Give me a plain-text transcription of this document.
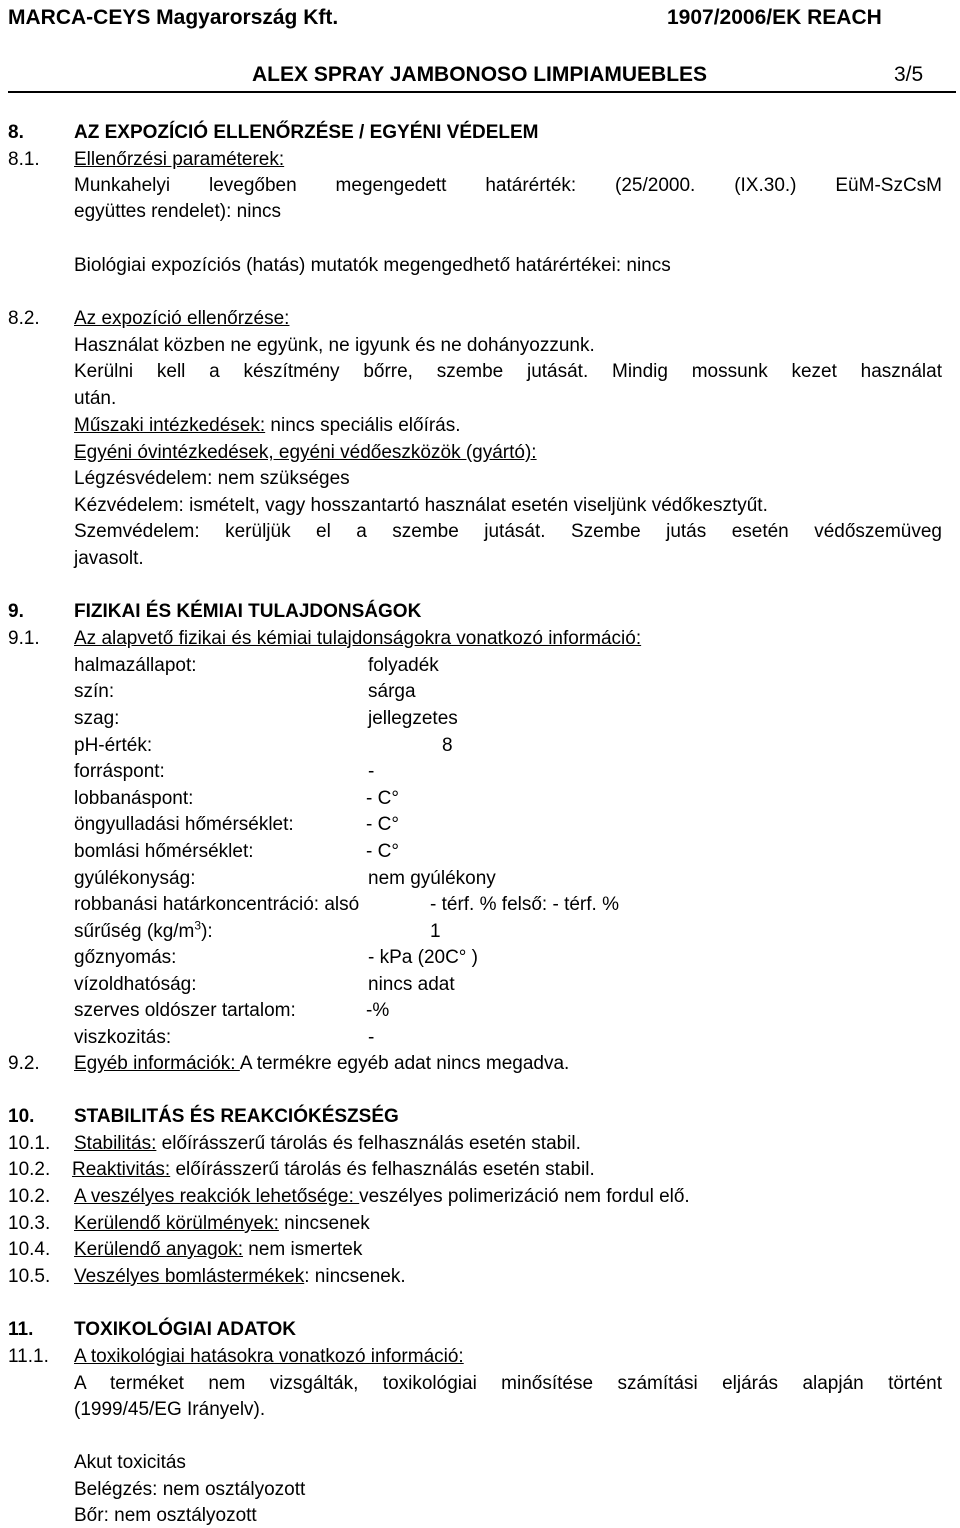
MARCA-CEYS Magyarország Kft.	1907/2006/EK REACH
ALEX SPRAY JAMBONOSO LIMPIAMUEBLES	3/5
8.	AZ EXPOZÍCIÓ ELLENŐRZÉSE / EGYÉNI VÉDELEM
8.1. Ellenőrzési paraméterek:
Munkahelyi levegőben megengedett határérték: (25/2000. (IX.30.) EüM-SzCsM
együttes rendelet): nincs
Biológiai expozíciós (hatás) mutatók megengedhető határértékei: nincs
8.2. Az expozíció ellenőrzése:
Használat közben ne együnk, ne igyunk és ne dohányozzunk.
Kerülni kell a készítmény bőrre, szembe jutását. Mindig mossunk kezet használat
után.
Műszaki intézkedések: nincs speciális előírás.
Egyéni óvintézkedések, egyéni védőeszközök (gyártó):
Légzésvédelem: nem szükséges
Kézvédelem: ismételt, vagy hosszantartó használat esetén viseljünk védőkesztyűt.
Szemvédelem: kerüljük el a szembe jutását. Szembe jutás esetén védőszemüveg
javasolt.
9.	FIZIKAI ÉS KÉMIAI TULAJDONSÁGOK
9.1. Az alapvető fizikai és kémiai tulajdonságokra vonatkozó információ:
halmazállapot:	folyadék
szín:	sárga
szag:	jellegzetes
pH-érték:	8
forráspont:	-
lobbanáspont:	- C°
öngyulladási hőmérséklet:	- C°
bomlási hőmérséklet:	- C°
gyúlékonyság:	nem gyúlékony
robbanási határkoncentráció: alsó	- térf. % felső: - térf. %
sűrűség $(kg/m^3)$:	1
gőznyomás:	- kPa (20C° )
vízoldhatóság:	nincs adat
szerves oldószer tartalom:	-%
viszkozitás:	-
9.2. Egyéb információk: A termékre egyéb adat nincs megadva.
10. STABILITÁS ÉS REAKCIÓKÉSZSÉG
10.1. Stabilitás: előírásszerű tárolás és felhasználás esetén stabil.
10.2. Reaktivitás: előírásszerű tárolás és felhasználás esetén stabil.
10.2. A veszélyes reakciók lehetősége: veszélyes polimerizáció nem fordul elő.
10.3. Kerülendő körülmények: nincsenek
10.4. Kerülendő anyagok: nem ismertek
10.5. Veszélyes bomlástermékek: nincsenek.
11. TOXIKOLÓGIAI ADATOK
11.1. A toxikológiai hatásokra vonatkozó információ:
A terméket nem vizsgálták, toxikológiai minősítése számítási eljárás alapján történt
(1999/45/EG Irányelv).
Akut toxicitás
Belégzés: nem osztályozott
Bőr: nem osztályozott
